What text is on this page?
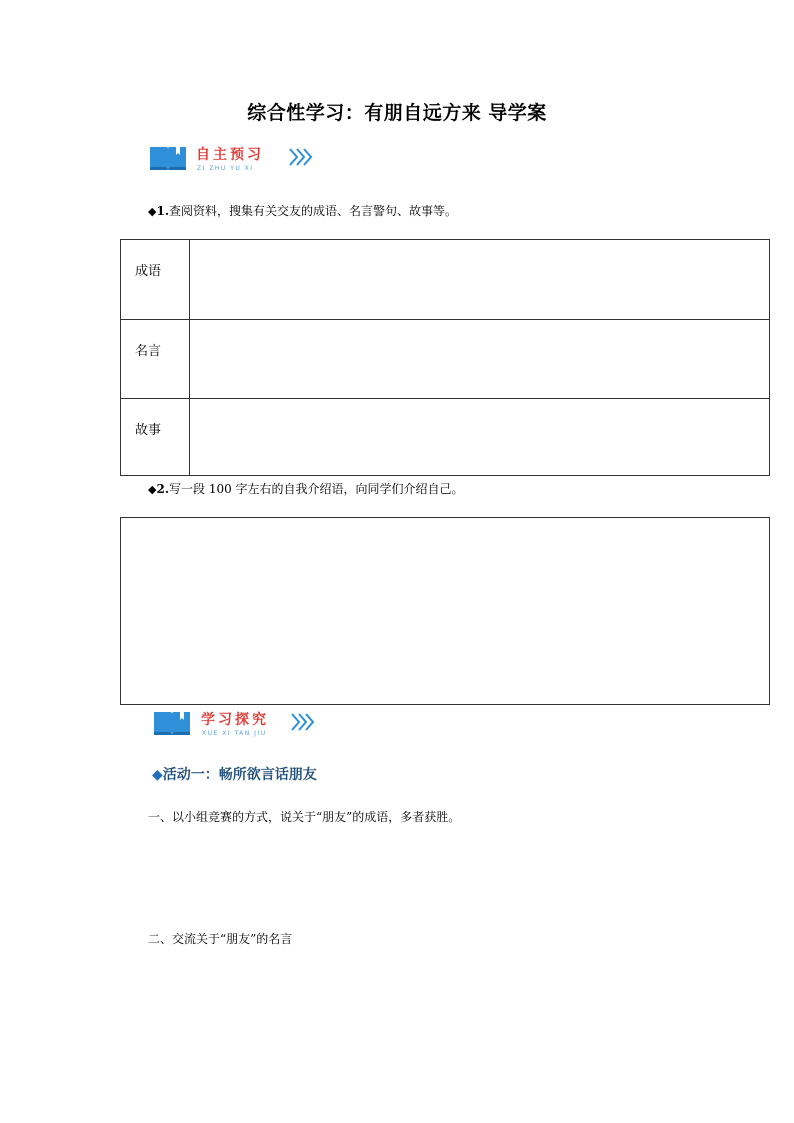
综合性学习：有朋自远方来 导学案
自主预习
ZI ZHU YU XI
◆1.查阅资料，搜集有关交友的成语、名言警句、故事等。
成语	
名言	
故事	
◆2.写一段 100 字左右的自我介绍语，向同学们介绍自己。
学习探究
XUE XI TAN JIU
◆活动一：畅所欲言话朋友
一、以小组竞赛的方式，说关于“朋友”的成语，多者获胜。
二、交流关于“朋友”的名言
